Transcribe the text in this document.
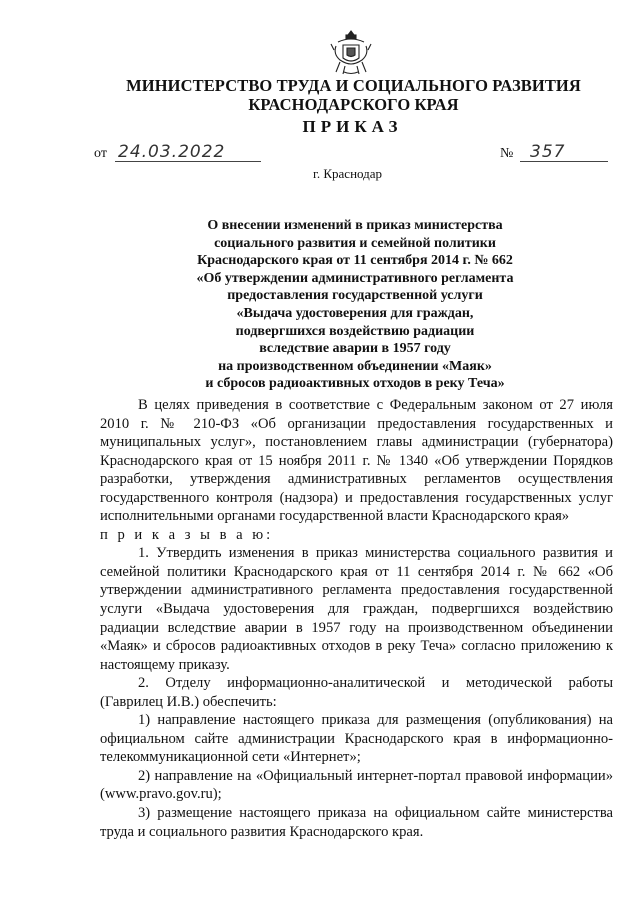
МИНИСТЕРСТВО ТРУДА И СОЦИАЛЬНОГО РАЗВИТИЯ
КРАСНОДАРСКОГО КРАЯ
ПРИКАЗ
от 24.03.2022	№ 357
г. Краснодар
О внесении изменений в приказ министерства
социального развития и семейной политики
Краснодарского края от 11 сентября 2014 г. № 662
«Об утверждении административного регламента
предоставления государственной услуги
«Выдача удостоверения для граждан,
подвергшихся воздействию радиации
вследствие аварии в 1957 году
на производственном объединении «Маяк»
и сбросов радиоактивных отходов в реку Теча»

В целях приведения в соответствие с Федеральным законом от 27 июля 2010 г. № 210-ФЗ «Об организации предоставления государственных и муниципальных услуг», постановлением главы администрации (губернатора) Краснодарского края от 15 ноября 2011 г. № 1340 «Об утверждении Порядков разработки, утверждения административных регламентов осуществления государственного контроля (надзора) и предоставления государственных услуг исполнительными органами государственной власти Краснодарского края»

п р и к а з ы в а ю:

1. Утвердить изменения в приказ министерства социального развития и семейной политики Краснодарского края от 11 сентября 2014 г. № 662 «Об утверждении административного регламента предоставления государственной услуги «Выдача удостоверения для граждан, подвергшихся воздействию радиации вследствие аварии в 1957 году на производственном объединении «Маяк» и сбросов радиоактивных отходов в реку Теча» согласно приложению к настоящему приказу.

2. Отделу информационно-аналитической и методической работы (Гаврилец И.В.) обеспечить:

1) направление настоящего приказа для размещения (опубликования) на официальном сайте администрации Краснодарского края в информационно-телекоммуникационной сети «Интернет»;

2) направление на «Официальный интернет-портал правовой информации» (www.pravo.gov.ru);

3) размещение настоящего приказа на официальном сайте министерства труда и социального развития Краснодарского края.
